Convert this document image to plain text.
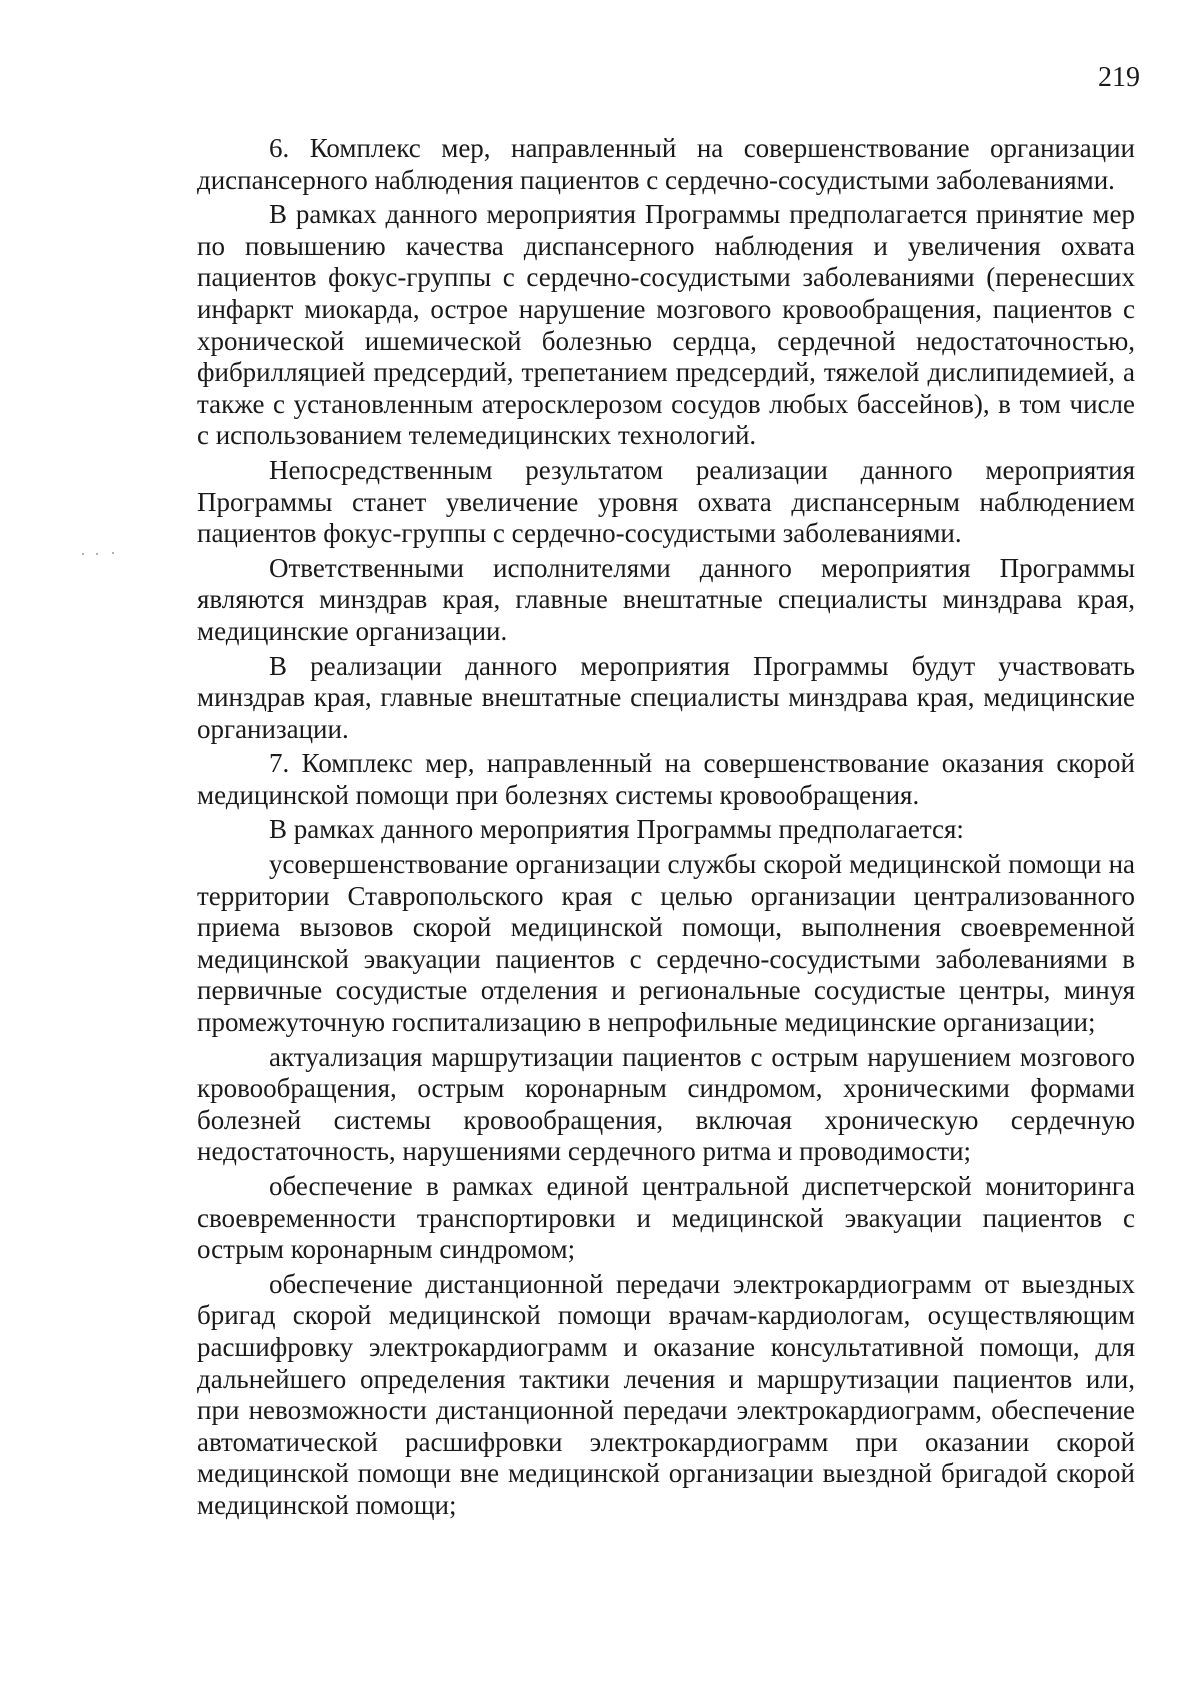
219

6. Комплекс мер, направленный на совершенствование организации диспансерного наблюдения пациентов с сердечно-сосудистыми заболеваниями.

В рамках данного мероприятия Программы предполагается принятие мер по повышению качества диспансерного наблюдения и увеличения охвата пациентов фокус-группы с сердечно-сосудистыми заболеваниями (перенесших инфаркт миокарда, острое нарушение мозгового кровообращения, пациентов с хронической ишемической болезнью сердца, сердечной недостаточностью, фибрилляцией предсердий, трепетанием предсердий, тяжелой дислипидемией, а также с установленным атеросклерозом сосудов любых бассейнов), в том числе с использованием телемедицинских технологий.

Непосредственным результатом реализации данного мероприятия Программы станет увеличение уровня охвата диспансерным наблюдением пациентов фокус-группы с сердечно-сосудистыми заболеваниями.

Ответственными исполнителями данного мероприятия Программы являются минздрав края, главные внештатные специалисты минздрава края, медицинские организации.

В реализации данного мероприятия Программы будут участвовать минздрав края, главные внештатные специалисты минздрава края, медицинские организации.

7. Комплекс мер, направленный на совершенствование оказания скорой медицинской помощи при болезнях системы кровообращения.

В рамках данного мероприятия Программы предполагается:

усовершенствование организации службы скорой медицинской помощи на территории Ставропольского края с целью организации централизованного приема вызовов скорой медицинской помощи, выполнения своевременной медицинской эвакуации пациентов с сердечно-сосудистыми заболеваниями в первичные сосудистые отделения и региональные сосудистые центры, минуя промежуточную госпитализацию в непрофильные медицинские организации;

актуализация маршрутизации пациентов с острым нарушением мозгового кровообращения, острым коронарным синдромом, хроническими формами болезней системы кровообращения, включая хроническую сердечную недостаточность, нарушениями сердечного ритма и проводимости;

обеспечение в рамках единой центральной диспетчерской мониторинга своевременности транспортировки и медицинской эвакуации пациентов с острым коронарным синдромом;

обеспечение дистанционной передачи электрокардиограмм от выездных бригад скорой медицинской помощи врачам-кардиологам, осуществляющим расшифровку электрокардиограмм и оказание консультативной помощи, для дальнейшего определения тактики лечения и маршрутизации пациентов или, при невозможности дистанционной передачи электрокардиограмм, обеспечение автоматической расшифровки электрокардиограмм при оказании скорой медицинской помощи вне медицинской организации выездной бригадой скорой медицинской помощи;
